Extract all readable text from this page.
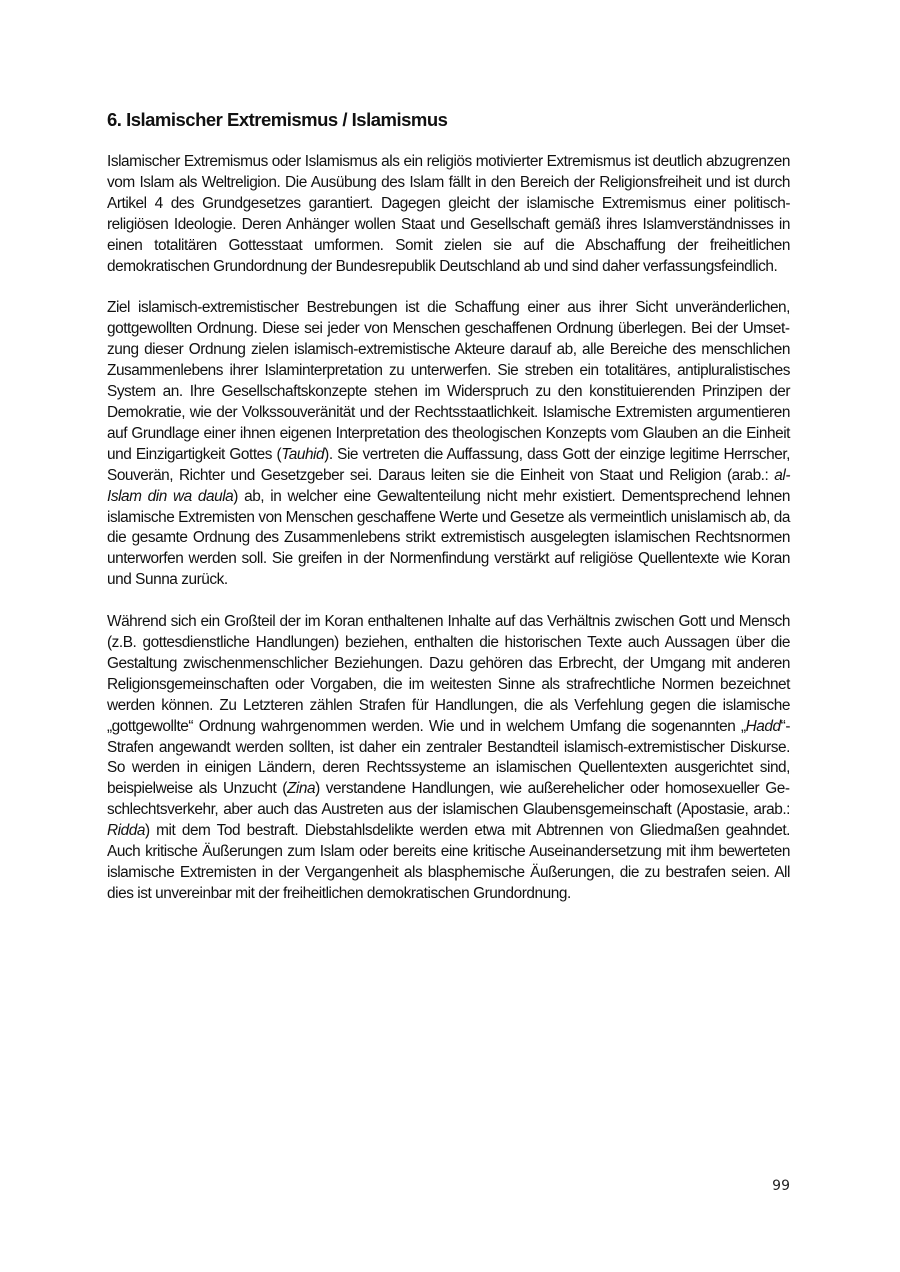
6. Islamischer Extremismus / Islamismus

Islamischer Extremismus oder Islamismus als ein religiös motivierter Extremismus ist deutlich abzugrenzen vom Islam als Weltreligion. Die Ausübung des Islam fällt in den Bereich der Religionsfreiheit und ist durch Artikel 4 des Grundgesetzes garantiert. Dagegen gleicht der islamische Extremismus einer politisch-religiösen Ideologie. Deren Anhänger wollen Staat und Gesellschaft gemäß ihres Islamverständnisses in einen totalitären Gottesstaat umformen. Somit zielen sie auf die Abschaffung der freiheitlichen demokratischen Grundordnung der Bundesrepublik Deutschland ab und sind daher verfassungsfeindlich.

Ziel islamisch-extremistischer Bestrebungen ist die Schaffung einer aus ihrer Sicht unveränderlichen, gottgewollten Ordnung. Diese sei jeder von Menschen geschaffenen Ordnung überlegen. Bei der Umsetzung dieser Ordnung zielen islamisch-extremistische Akteure darauf ab, alle Bereiche des menschlichen Zusammenlebens ihrer Islaminterpretation zu unterwerfen. Sie streben ein totalitäres, antipluralistisches System an. Ihre Gesellschaftskonzepte stehen im Widerspruch zu den konstituierenden Prinzipen der Demokratie, wie der Volkssouveränität und der Rechtsstaatlichkeit. Islamische Extremisten argumentieren auf Grundlage einer ihnen eigenen Interpretation des theologischen Konzepts vom Glauben an die Einheit und Einzigartigkeit Gottes (Tauhid). Sie vertreten die Auffassung, dass Gott der einzige legitime Herrscher, Souverän, Richter und Gesetzgeber sei. Daraus leiten sie die Einheit von Staat und Religion (arab.: al-Islam din wa daula) ab, in welcher eine Gewaltenteilung nicht mehr existiert. Dementsprechend lehnen islamische Extremisten von Menschen geschaffene Werte und Gesetze als vermeintlich unislamisch ab, da die gesamte Ordnung des Zusammenlebens strikt extremistisch ausgelegten islamischen Rechtsnormen unterworfen werden soll. Sie greifen in der Normenfindung verstärkt auf religiöse Quellentexte wie Koran und Sunna zurück.

Während sich ein Großteil der im Koran enthaltenen Inhalte auf das Verhältnis zwischen Gott und Mensch (z.B. gottesdienstliche Handlungen) beziehen, enthalten die historischen Texte auch Aussagen über die Gestaltung zwischenmenschlicher Beziehungen. Dazu gehören das Erbrecht, der Umgang mit anderen Religionsgemeinschaften oder Vorgaben, die im weitesten Sinne als strafrechtliche Normen bezeichnet werden können. Zu Letzteren zählen Strafen für Handlungen, die als Verfehlung gegen die islamische „gottgewollte“ Ordnung wahrgenommen werden. Wie und in welchem Umfang die sogenannten „Hadd“-Strafen angewandt werden sollten, ist daher ein zentraler Bestandteil islamisch-extremistischer Diskurse. So werden in einigen Ländern, deren Rechtssysteme an islamischen Quellentexten ausgerichtet sind, beispielweise als Unzucht (Zina) verstandene Handlungen, wie außerehelicher oder homosexueller Geschlechtsverkehr, aber auch das Austreten aus der islamischen Glaubensgemeinschaft (Apostasie, arab.: Ridda) mit dem Tod bestraft. Diebstahlsdelikte werden etwa mit Abtrennen von Gliedmaßen geahndet. Auch kritische Äußerungen zum Islam oder bereits eine kritische Auseinandersetzung mit ihm bewerteten islamische Extremisten in der Vergangenheit als blasphemische Äußerungen, die zu bestrafen seien. All dies ist unvereinbar mit der freiheitlichen demokratischen Grundordnung.

99
